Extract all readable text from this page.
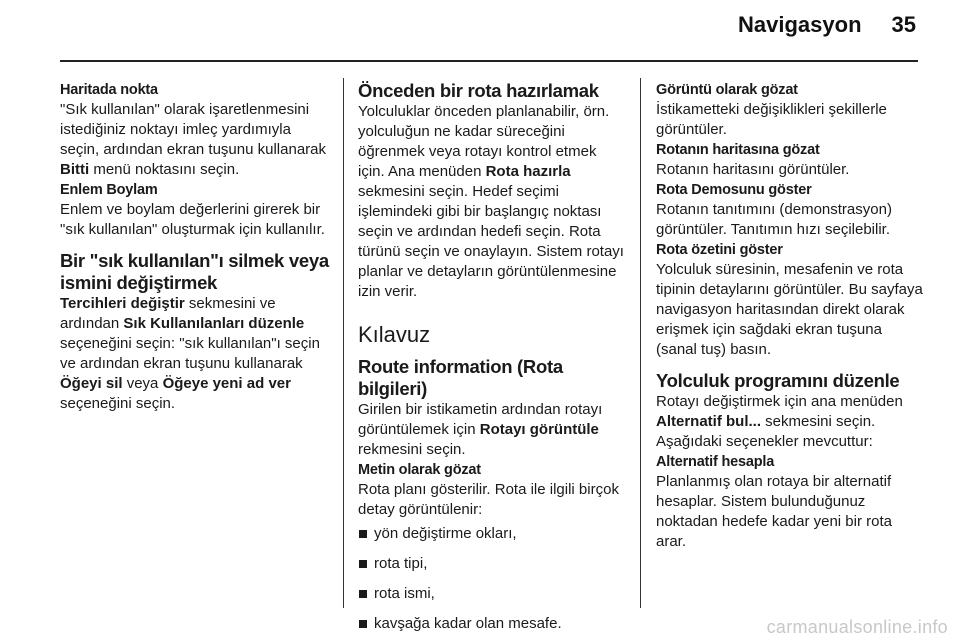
Navigasyon 35
Haritada nokta

"Sık kullanılan" olarak işaretlenmesini istediğiniz noktayı imleç yardımıyla seçin, ardından ekran tuşunu kullanarak Bitti menü noktasını seçin.

Enlem Boylam

Enlem ve boylam değerlerini girerek bir "sık kullanılan" oluşturmak için kullanılır.

Bir "sık kullanılan"ı silmek veya ismini değiştirmek

Tercihleri değiştir sekmesini ve ardından Sık Kullanılanları düzenle seçeneğini seçin: "sık kullanılan"ı seçin ve ardından ekran tuşunu kullanarak Öğeyi sil veya Öğeye yeni ad ver seçeneğini seçin.

Önceden bir rota hazırlamak

Yolculuklar önceden planlanabilir, örn. yolculuğun ne kadar süreceğini öğrenmek veya rotayı kontrol etmek için. Ana menüden Rota hazırla sekmesini seçin. Hedef seçimi işlemindeki gibi bir başlangıç noktası seçin ve ardından hedefi seçin. Rota türünü seçin ve onaylayın. Sistem rotayı planlar ve detayların görüntülenmesine izin verir.

Kılavuz
Route information (Rota bilgileri)

Girilen bir istikametin ardından rotayı görüntülemek için Rotayı görüntüle rekmesini seçin.

Metin olarak gözat

Rota planı gösterilir. Rota ile ilgili birçok detay görüntülenir:

yön değiştirme okları,
rota tipi,
rota ismi,
kavşağa kadar olan mesafe.
Görüntü olarak gözat

İstikametteki değişiklikleri şekillerle görüntüler.

Rotanın haritasına gözat

Rotanın haritasını görüntüler.

Rota Demosunu göster

Rotanın tanıtımını (demonstrasyon) görüntüler. Tanıtımın hızı seçilebilir.

Rota özetini göster

Yolculuk süresinin, mesafenin ve rota tipinin detaylarını görüntüler. Bu sayfaya navigasyon haritasından direkt olarak erişmek için sağdaki ekran tuşuna (sanal tuş) basın.

Yolculuk programını düzenle

Rotayı değiştirmek için ana menüden Alternatif bul... sekmesini seçin. Aşağıdaki seçenekler mevcuttur:

Alternatif hesapla

Planlanmış olan rotaya bir alternatif hesaplar. Sistem bulunduğunuz noktadan hedefe kadar yeni bir rota arar.

carmanualsonline.info
